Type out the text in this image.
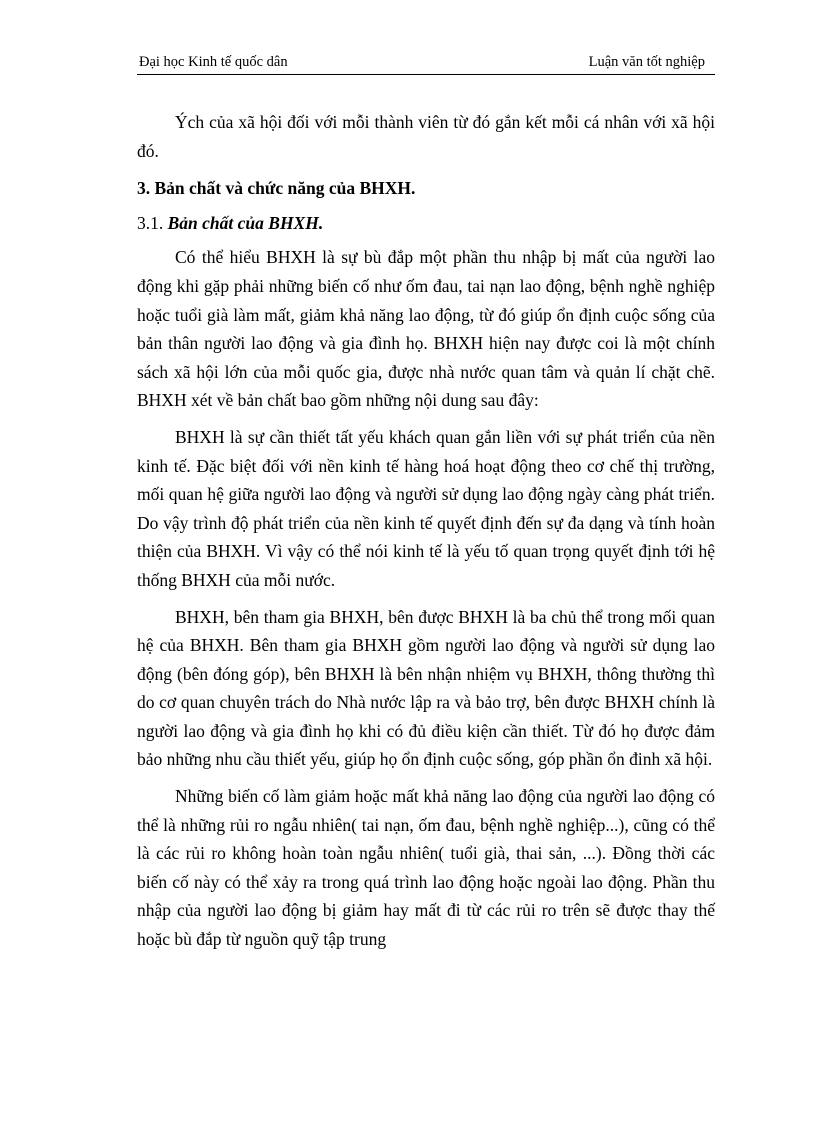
Đại học Kinh tế quốc dân	Luận văn tốt nghiệp

Ých của xã hội đối với mỗi thành viên từ đó gắn kết mỗi cá nhân với xã hội đó.

3. Bản chất và chức năng của BHXH.

3.1. Bản chất của BHXH.

Có thể hiểu BHXH là sự bù đắp một phần thu nhập bị mất của người lao động khi gặp phải những biến cố như ốm đau, tai nạn lao động, bệnh nghề nghiệp hoặc tuổi già làm mất, giảm khả năng lao động, từ đó giúp ổn định cuộc sống của bản thân người lao động và gia đình họ. BHXH hiện nay được coi là một chính sách xã hội lớn của mỗi quốc gia, được nhà nước quan tâm và quản lí chặt chẽ. BHXH xét về bản chất bao gồm những nội dung sau đây:

BHXH là sự cần thiết tất yếu khách quan gắn liền với sự phát triển của nền kinh tế. Đặc biệt đối với nền kinh tế hàng hoá hoạt động theo cơ chế thị trường, mối quan hệ giữa người lao động và người sử dụng lao động ngày càng phát triển. Do vậy trình độ phát triển của nền kinh tế quyết định đến sự đa dạng và tính hoàn thiện của BHXH. Vì vậy có thể nói kinh tế là yếu tố quan trọng quyết định tới hệ thống BHXH của mỗi nước.

BHXH, bên tham gia BHXH, bên được BHXH là ba chủ thể trong mối quan hệ của BHXH. Bên tham gia BHXH gồm người lao động và người sử dụng lao động (bên đóng góp), bên BHXH là bên nhận nhiệm vụ BHXH, thông thường thì do cơ quan chuyên trách do Nhà nước lập ra và bảo trợ, bên được BHXH chính là người lao động và gia đình họ khi có đủ điều kiện cần thiết. Từ đó họ được đảm bảo những nhu cầu thiết yếu, giúp họ ổn định cuộc sống, góp phần ổn đinh xã hội.

Những biến cố làm giảm hoặc mất khả năng lao động của người lao động có thể là những rủi ro ngẫu nhiên( tai nạn, ốm đau, bệnh nghề nghiệp...), cũng có thể là các rủi ro không hoàn toàn ngẫu nhiên( tuổi già, thai sản, ...). Đồng thời các biến cố này có thể xảy ra trong quá trình lao động hoặc ngoài lao động. Phần thu nhập của người lao động bị giảm hay mất đi từ các rủi ro trên sẽ được thay thế hoặc bù đắp từ nguồn quỹ tập trung
